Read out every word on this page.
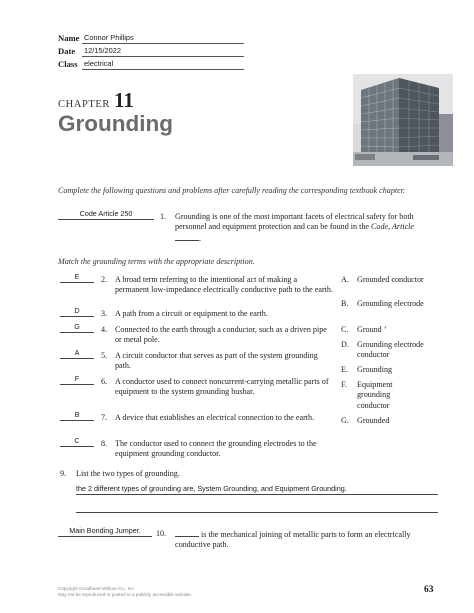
Name Connor Phillips
Date 12/15/2022
Class electrical
CHAPTER 11
Grounding
Complete the following questions and problems after carefully reading the corresponding textbook chapter.
Code Article 250	1. Grounding is one of the most important facets of electrical safety for both personnel and equipment protection and can be found in the Code, Article .
Match the grounding terms with the appropriate description.
E	2. A broad term referring to the intentional act of making a permanent low-impedance electrically conductive path to the earth.
D	3. A path from a circuit or equipment to the earth.
G	4. Connected to the earth through a conductor, such as a driven pipe or metal pole.
A	5. A circuit conductor that serves as part of the system grounding path.
F	6. A conductor used to connect noncurrent-carrying metallic parts of equipment to the system grounding busbar.
B	7. A device that establishes an electrical connection to the earth.
C	8. The conductor used to connect the grounding electrodes to the equipment grounding conductor.
A. Grounded conductor
B. Grounding electrode
C. Ground ’
D. Grounding electrode conductor
E. Grounding
F. Equipment grounding conductor
G. Grounded
9. List the two types of grounding.
the 2 different types of grounding are, System Grounding, and Equipment Grounding.
Main Bonding Jumper.	10.	is the mechanical joining of metallic parts to form an electrically conductive path.
Copyright Goodheart-Willcox Co., Inc.
May not be reproduced or posted to a publicly accessible website.	63
